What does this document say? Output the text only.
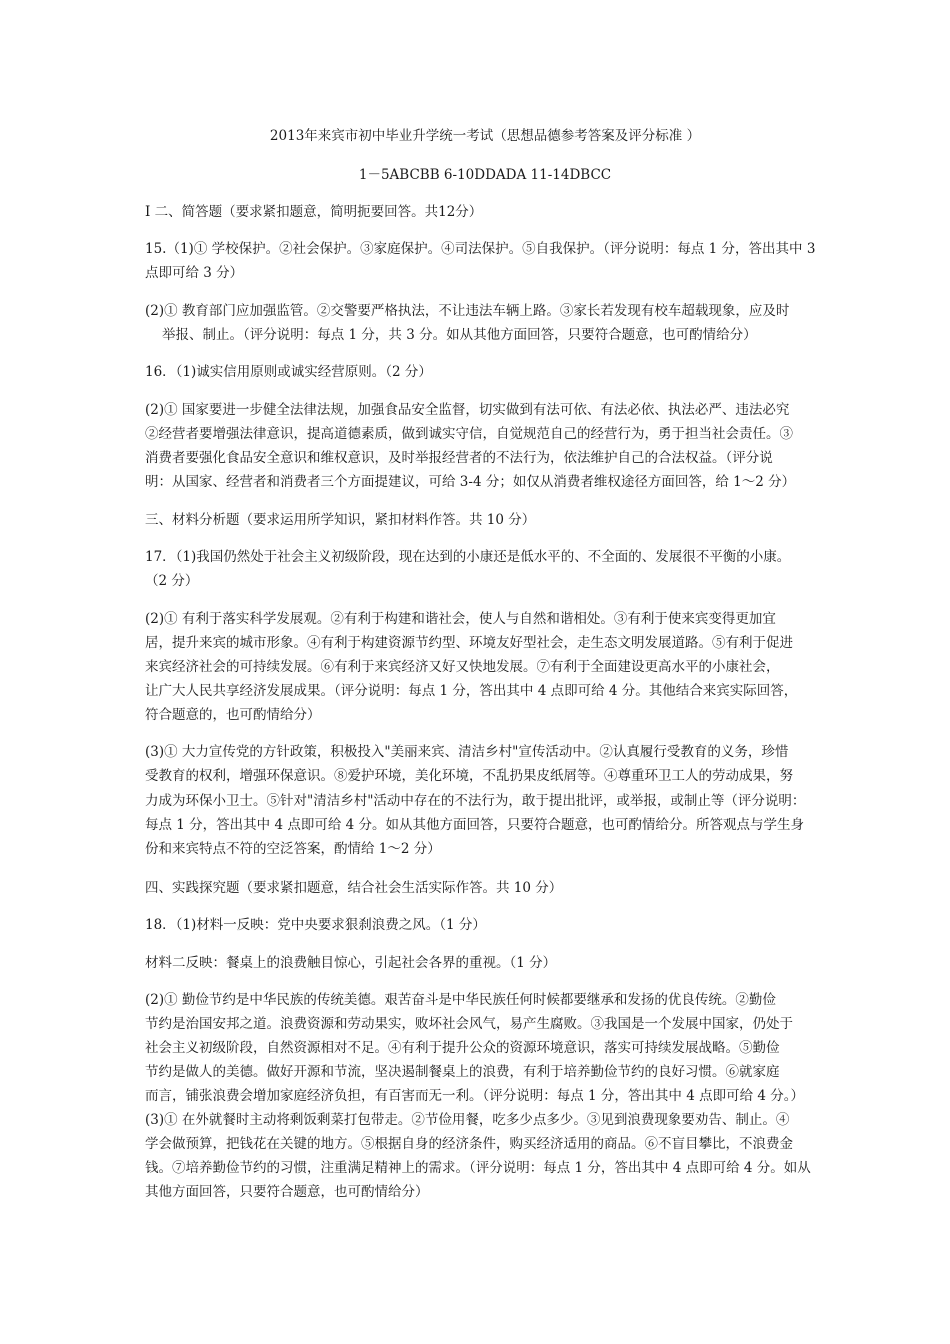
2013年来宾市初中毕业升学统一考试（思想品德参考答案及评分标准 ）
1－5ABCBB 6-10DDADA 11-14DBCC
I 二、简答题（要求紧扣题意，简明扼要回答。共12分）
15.（1)① 学校保护。②社会保护。③家庭保护。④司法保护。⑤自我保护。（评分说明：每点 1 分，答出其中 3
点即可给 3 分）
(2)① 教育部门应加强监管。②交警要严格执法，不让违法车辆上路。③家长若发现有校车超载现象，应及时
举报、制止。（评分说明：每点 1 分，共 3 分。如从其他方面回答，只要符合题意，也可酌情给分）
16．（1)诚实信用原则或诚实经营原则。（2 分）
(2)① 国家要进一步健全法律法规，加强食品安全监督，切实做到有法可依、有法必依、执法必严、违法必究
②经营者要增强法律意识，提高道德素质，做到诚实守信，自觉规范自己的经营行为，勇于担当社会责任。③
消费者要强化食品安全意识和维权意识，及时举报经营者的不法行为，依法维护自己的合法权益。（评分说
明：从国家、经营者和消费者三个方面提建议，可给 3-4 分；如仅从消费者维权途径方面回答，给 1～2 分）
三、材料分析题（要求运用所学知识，紧扣材料作答。共 10 分）
17．（1)我国仍然处于社会主义初级阶段，现在达到的小康还是低水平的、不全面的、发展很不平衡的小康。
（2 分）
(2)① 有利于落实科学发展观。②有利于构建和谐社会，使人与自然和谐相处。③有利于使来宾变得更加宜
居，提升来宾的城市形象。④有利于构建资源节约型、环境友好型社会，走生态文明发展道路。⑤有利于促进
来宾经济社会的可持续发展。⑥有利于来宾经济又好又快地发展。⑦有利于全面建设更高水平的小康社会，
让广大人民共享经济发展成果。（评分说明：每点 1 分，答出其中 4 点即可给 4 分。其他结合来宾实际回答，
符合题意的，也可酌情给分）
(3)① 大力宣传党的方针政策，积极投入"美丽来宾、清洁乡村"宣传活动中。②认真履行受教育的义务，珍惜
受教育的权利，增强环保意识。⑧爱护环境，美化环境，不乱扔果皮纸屑等。④尊重环卫工人的劳动成果，努
力成为环保小卫士。⑤针对"清洁乡村"活动中存在的不法行为，敢于提出批评，或举报，或制止等（评分说明：
每点 1 分，答出其中 4 点即可给 4 分。如从其他方面回答，只要符合题意，也可酌情给分。所答观点与学生身
份和来宾特点不符的空泛答案，酌情给 1～2 分）
四、实践探究题（要求紧扣题意，结合社会生活实际作答。共 10 分）
18．（1)材料一反映：党中央要求狠刹浪费之风。（1 分）
材料二反映：餐桌上的浪费触目惊心，引起社会各界的重视。（1 分）
(2)① 勤俭节约是中华民族的传统美德。艰苦奋斗是中华民族任何时候都要继承和发扬的优良传统。②勤俭
节约是治国安邦之道。浪费资源和劳动果实，败坏社会风气，易产生腐败。③我国是一个发展中国家，仍处于
社会主义初级阶段，自然资源相对不足。④有利于提升公众的资源环境意识，落实可持续发展战略。⑤勤俭
节约是做人的美德。做好开源和节流，坚决遏制餐桌上的浪费，有利于培养勤俭节约的良好习惯。⑥就家庭
而言，铺张浪费会增加家庭经济负担，有百害而无一利。（评分说明：每点 1 分，答出其中 4 点即可给 4 分。）
(3)① 在外就餐时主动将剩饭剩菜打包带走。②节俭用餐，吃多少点多少。③见到浪费现象要劝告、制止。④
学会做预算，把钱花在关键的地方。⑤根据自身的经济条件，购买经济适用的商品。⑥不盲目攀比，不浪费金
钱。⑦培养勤俭节约的习惯，注重满足精神上的需求。（评分说明：每点 1 分，答出其中 4 点即可给 4 分。如从
其他方面回答，只要符合题意，也可酌情给分）
